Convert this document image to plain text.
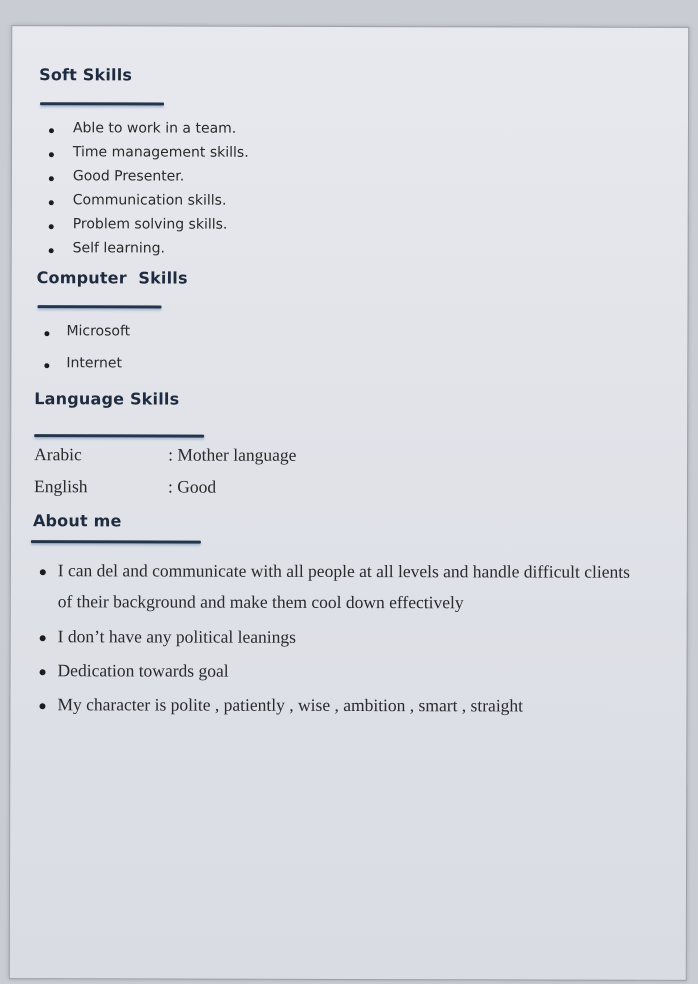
Soft Skills
Able to work in a team.
Time management skills.
Good Presenter.
Communication skills.
Problem solving skills.
Self learning.
Computer  Skills
Microsoft
Internet
Language Skills
Arabic	: Mother language
English	: Good
About me
I can del and communicate with all people at all levels and handle difficult clients
of their background and make them cool down effectively
I don’t have any political leanings
Dedication towards goal
My character is polite , patiently , wise , ambition , smart , straight
